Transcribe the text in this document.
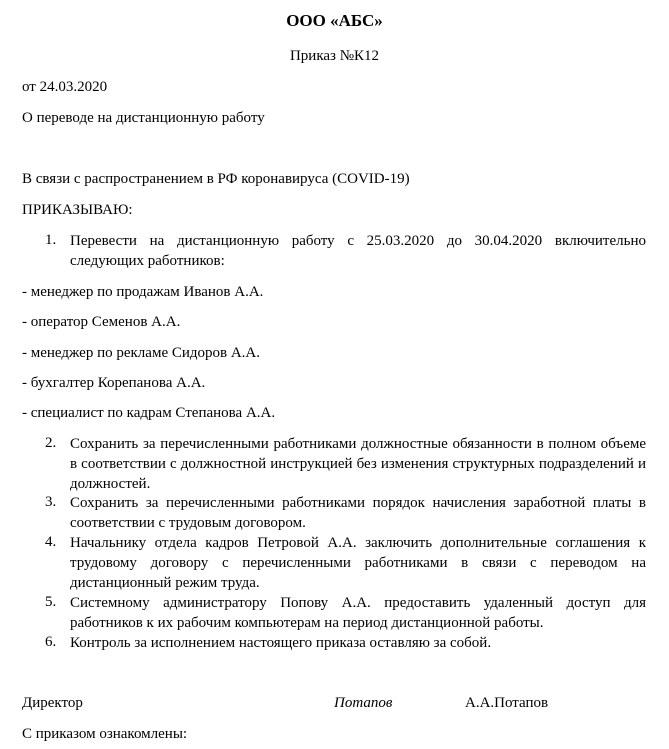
ООО «АБС»
Приказ №К12
от 24.03.2020
О переводе на дистанционную работу
В связи с распространением в РФ коронавируса (COVID-19)
ПРИКАЗЫВАЮ:
1. Перевести на дистанционную работу с 25.03.2020 до 30.04.2020 включительно следующих работников:
- менеджер по продажам Иванов А.А.
- оператор Семенов А.А.
- менеджер по рекламе Сидоров А.А.
- бухгалтер Корепанова А.А.
- специалист по кадрам Степанова А.А.
2. Сохранить за перечисленными работниками должностные обязанности в полном объеме в соответствии с должностной инструкцией без изменения структурных подразделений и должностей.
3. Сохранить за перечисленными работниками порядок начисления заработной платы в соответствии с трудовым договором.
4. Начальнику отдела кадров Петровой А.А. заключить дополнительные соглашения к трудовому договору с перечисленными работниками в связи с переводом на дистанционный режим труда.
5. Системному администратору Попову А.А. предоставить удаленный доступ для работников к их рабочим компьютерам на период дистанционной работы.
6. Контроль за исполнением настоящего приказа оставляю за собой.
Директор	Потапов	А.А.Потапов
С приказом ознакомлены:
